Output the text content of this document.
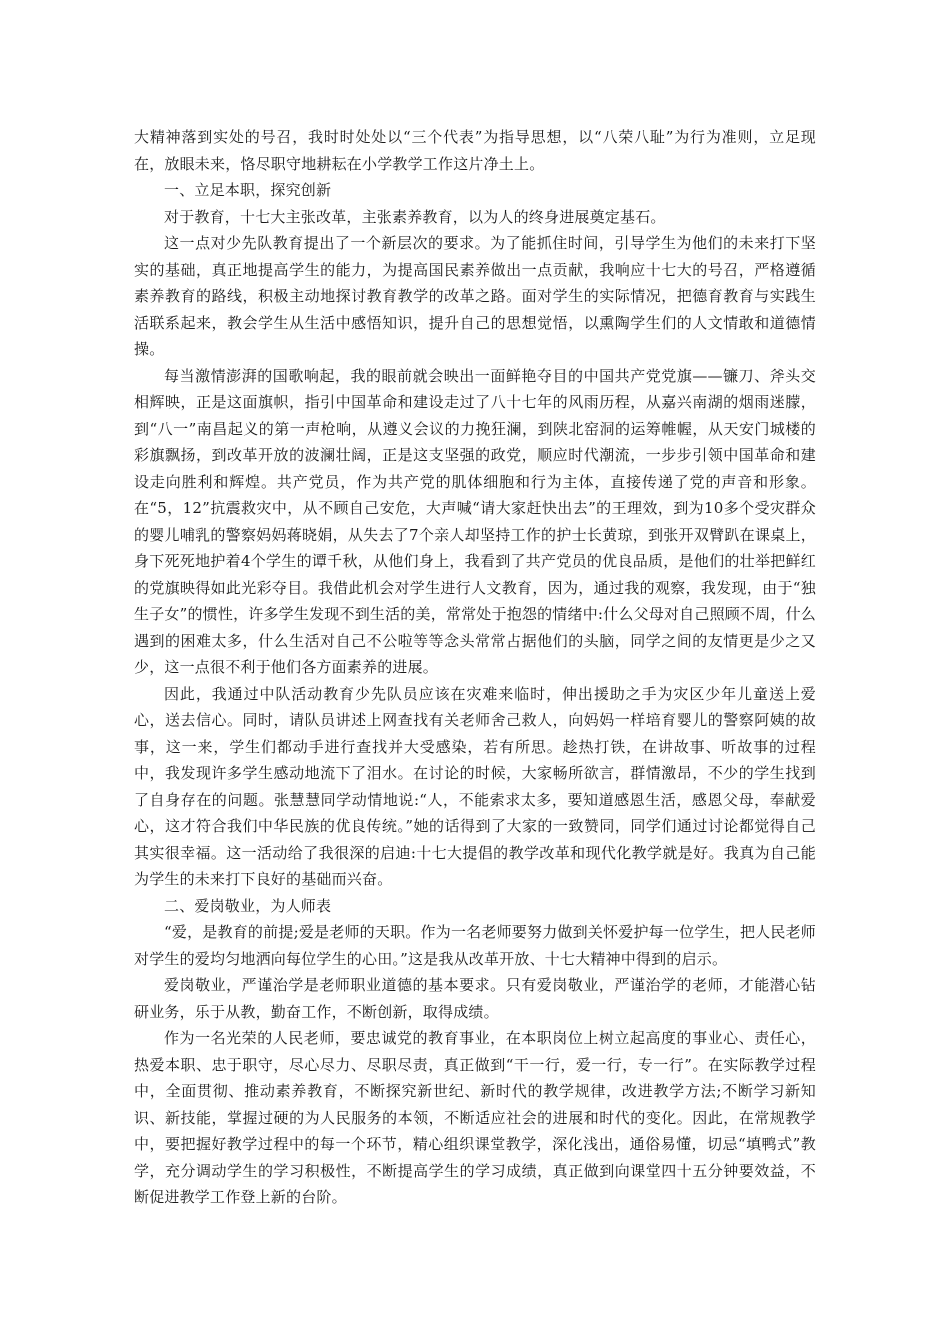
大精神落到实处的号召，我时时处处以“三个代表”为指导思想，以“八荣八耻”为行为准则，立足现在，放眼未来，恪尽职守地耕耘在小学教学工作这片净土上。

一、立足本职，探究创新

对于教育，十七大主张改革，主张素养教育，以为人的终身进展奠定基石。

这一点对少先队教育提出了一个新层次的要求。为了能抓住时间，引导学生为他们的未来打下坚实的基础，真正地提高学生的能力，为提高国民素养做出一点贡献，我响应十七大的号召，严格遵循素养教育的路线，积极主动地探讨教育教学的改革之路。面对学生的实际情况，把德育教育与实践生活联系起来，教会学生从生活中感悟知识，提升自己的思想觉悟，以熏陶学生们的人文情敢和道德情操。

每当激情澎湃的国歌响起，我的眼前就会映出一面鲜艳夺目的中国共产党党旗——镰刀、斧头交相辉映，正是这面旗帜，指引中国革命和建设走过了八十七年的风雨历程，从嘉兴南湖的烟雨迷朦，到“八一”南昌起义的第一声枪响，从遵义会议的力挽狂澜，到陕北窑洞的运筹帷幄，从天安门城楼的彩旗飘扬，到改革开放的波澜壮阔，正是这支坚强的政党，顺应时代潮流，一步步引领中国革命和建设走向胜利和辉煌。共产党员，作为共产党的肌体细胞和行为主体，直接传递了党的声音和形象。在“5，12”抗震救灾中，从不顾自己安危，大声喊“请大家赶快出去”的王理效，到为10多个受灾群众的婴儿哺乳的警察妈妈蒋晓娟，从失去了7个亲人却坚持工作的护士长黄琼，到张开双臂趴在课桌上，身下死死地护着4个学生的谭千秋，从他们身上，我看到了共产党员的优良品质，是他们的壮举把鲜红的党旗映得如此光彩夺目。我借此机会对学生进行人文教育，因为，通过我的观察，我发现，由于“独生子女”的惯性，许多学生发现不到生活的美，常常处于抱怨的情绪中:什么父母对自己照顾不周，什么遇到的困难太多，什么生活对自己不公啦等等念头常常占据他们的头脑，同学之间的友情更是少之又少，这一点很不利于他们各方面素养的进展。

因此，我通过中队活动教育少先队员应该在灾难来临时，伸出援助之手为灾区少年儿童送上爱心，送去信心。同时，请队员讲述上网查找有关老师舍己救人，向妈妈一样培育婴儿的警察阿姨的故事，这一来，学生们都动手进行查找并大受感染，若有所思。趁热打铁，在讲故事、听故事的过程中，我发现许多学生感动地流下了泪水。在讨论的时候，大家畅所欲言，群情激昂，不少的学生找到了自身存在的问题。张慧慧同学动情地说:“人，不能索求太多，要知道感恩生活，感恩父母，奉献爱心，这才符合我们中华民族的优良传统。”她的话得到了大家的一致赞同，同学们通过讨论都觉得自己其实很幸福。这一活动给了我很深的启迪:十七大提倡的教学改革和现代化教学就是好。我真为自己能为学生的未来打下良好的基础而兴奋。

二、爱岗敬业，为人师表

“爱，是教育的前提;爱是老师的天职。作为一名老师要努力做到关怀爱护每一位学生，把人民老师对学生的爱均匀地洒向每位学生的心田。”这是我从改革开放、十七大精神中得到的启示。

爱岗敬业，严谨治学是老师职业道德的基本要求。只有爱岗敬业，严谨治学的老师，才能潜心钻研业务，乐于从教，勤奋工作，不断创新，取得成绩。

作为一名光荣的人民老师，要忠诚党的教育事业，在本职岗位上树立起高度的事业心、责任心，热爱本职、忠于职守，尽心尽力、尽职尽责，真正做到“干一行，爱一行，专一行”。在实际教学过程中，全面贯彻、推动素养教育，不断探究新世纪、新时代的教学规律，改进教学方法;不断学习新知识、新技能，掌握过硬的为人民服务的本领，不断适应社会的进展和时代的变化。因此，在常规教学中，要把握好教学过程中的每一个环节，精心组织课堂教学，深化浅出，通俗易懂，切忌“填鸭式”教学，充分调动学生的学习积极性，不断提高学生的学习成绩，真正做到向课堂四十五分钟要效益，不断促进教学工作登上新的台阶。
